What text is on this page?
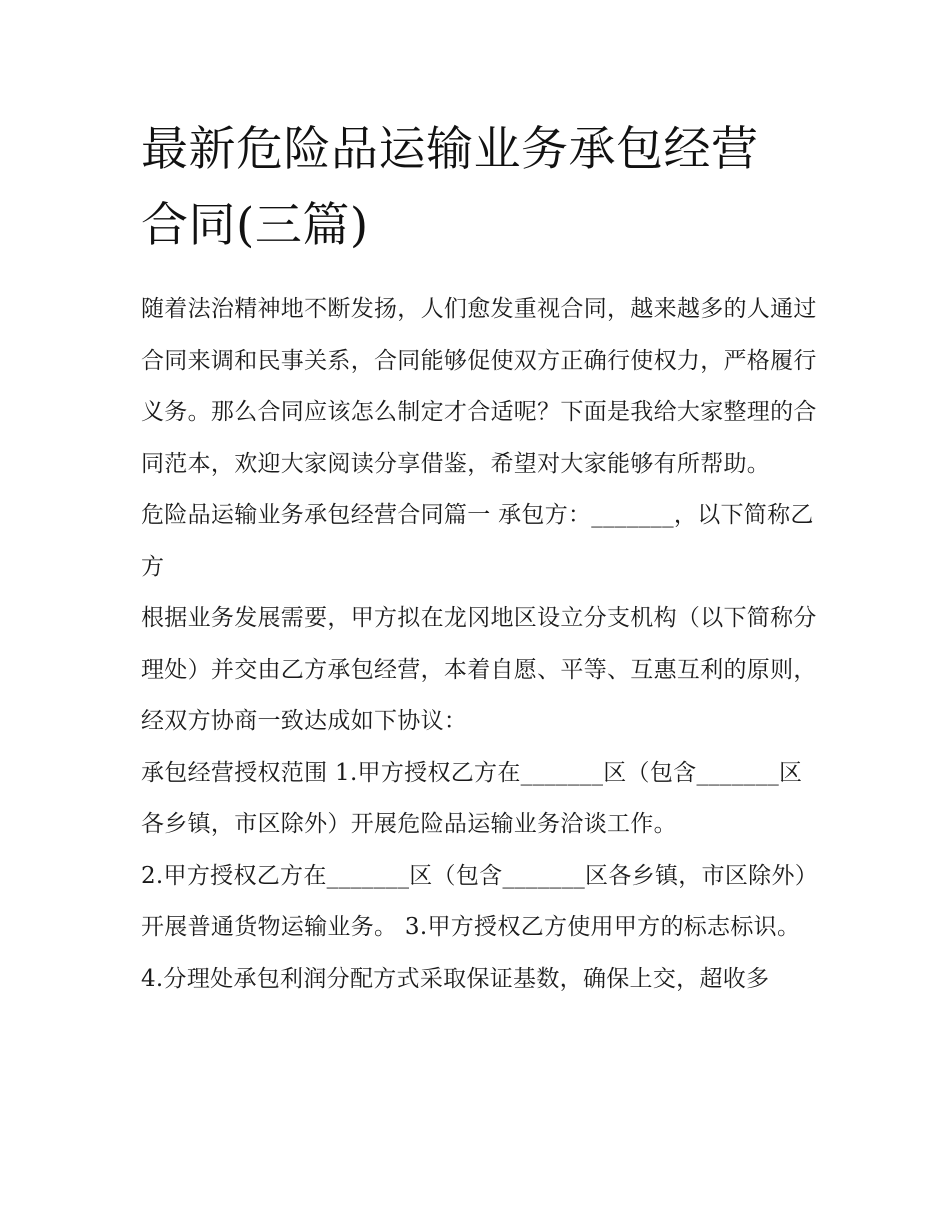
最新危险品运输业务承包经营
合同(三篇)

随着法治精神地不断发扬，人们愈发重视合同，越来越多的人通过合同来调和民事关系，合同能够促使双方正确行使权力，严格履行义务。那么合同应该怎么制定才合适呢？下面是我给大家整理的合同范本，欢迎大家阅读分享借鉴，希望对大家能够有所帮助。

危险品运输业务承包经营合同篇一 承包方：_______，以下简称乙方

根据业务发展需要，甲方拟在龙冈地区设立分支机构（以下简称分理处）并交由乙方承包经营，本着自愿、平等、互惠互利的原则，经双方协商一致达成如下协议：

承包经营授权范围 1.甲方授权乙方在_______区（包含_______区各乡镇，市区除外）开展危险品运输业务洽谈工作。

2.甲方授权乙方在_______区（包含_______区各乡镇，市区除外）开展普通货物运输业务。 3.甲方授权乙方使用甲方的标志标识。

4.分理处承包利润分配方式采取保证基数，确保上交，超收多
